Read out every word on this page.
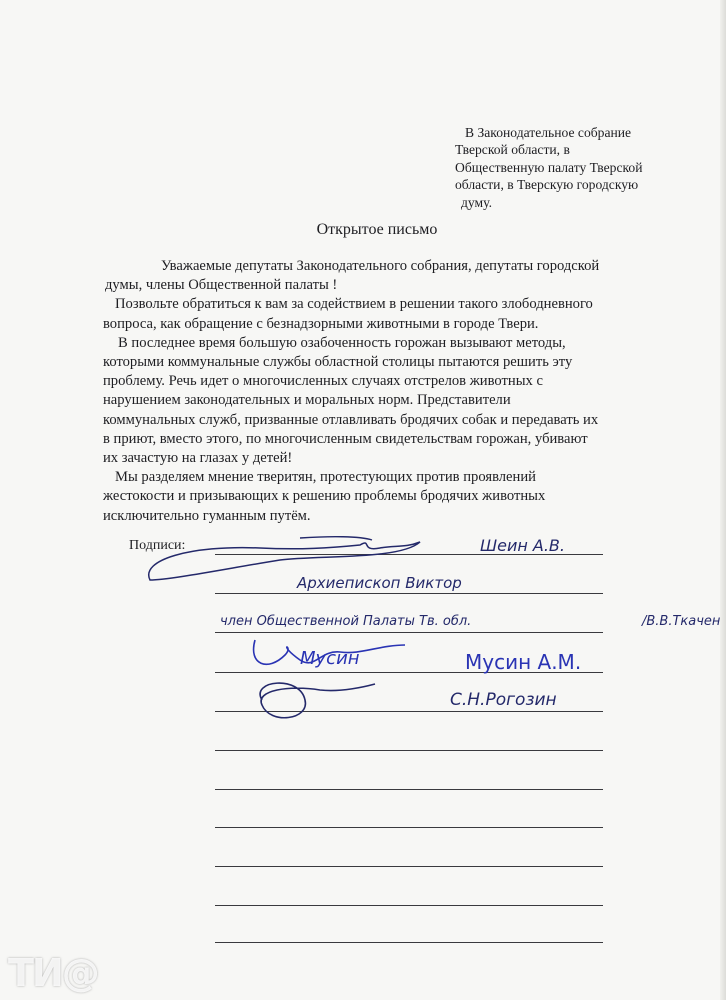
В Законодательное собрание
Тверской области, в
Общественную палату Тверской
области, в Тверскую городскую
думу.
Открытое письмо
Уважаемые депутаты Законодательного собрания, депутаты городской
думы, члены Общественной палаты !
Позвольте обратиться к вам за содействием в решении такого злободневного
вопроса, как обращение с безнадзорными животными в городе Твери.
В последнее время большую озабоченность горожан вызывают методы,
которыми коммунальные службы областной столицы пытаются решить эту
проблему. Речь идет о многочисленных случаях отстрелов животных с
нарушением законодательных и моральных норм. Представители
коммунальных служб, призванные отлавливать бродячих собак и передавать их
в приют, вместо этого, по многочисленным свидетельствам горожан, убивают
их зачастую на глазах у детей!
Мы разделяем мнение тверитян, протестующих против проявлений
жестокости и призывающих к решению проблемы бродячих животных
исключительно гуманным путём.
Подписи:	Шеин А.В.
Архиепископ Виктор
член Общественной Палаты Тв. обл.	/В.В.Ткачен
Мусин	Мусин А.М.
С.Н.Рогозин
ТИ@
